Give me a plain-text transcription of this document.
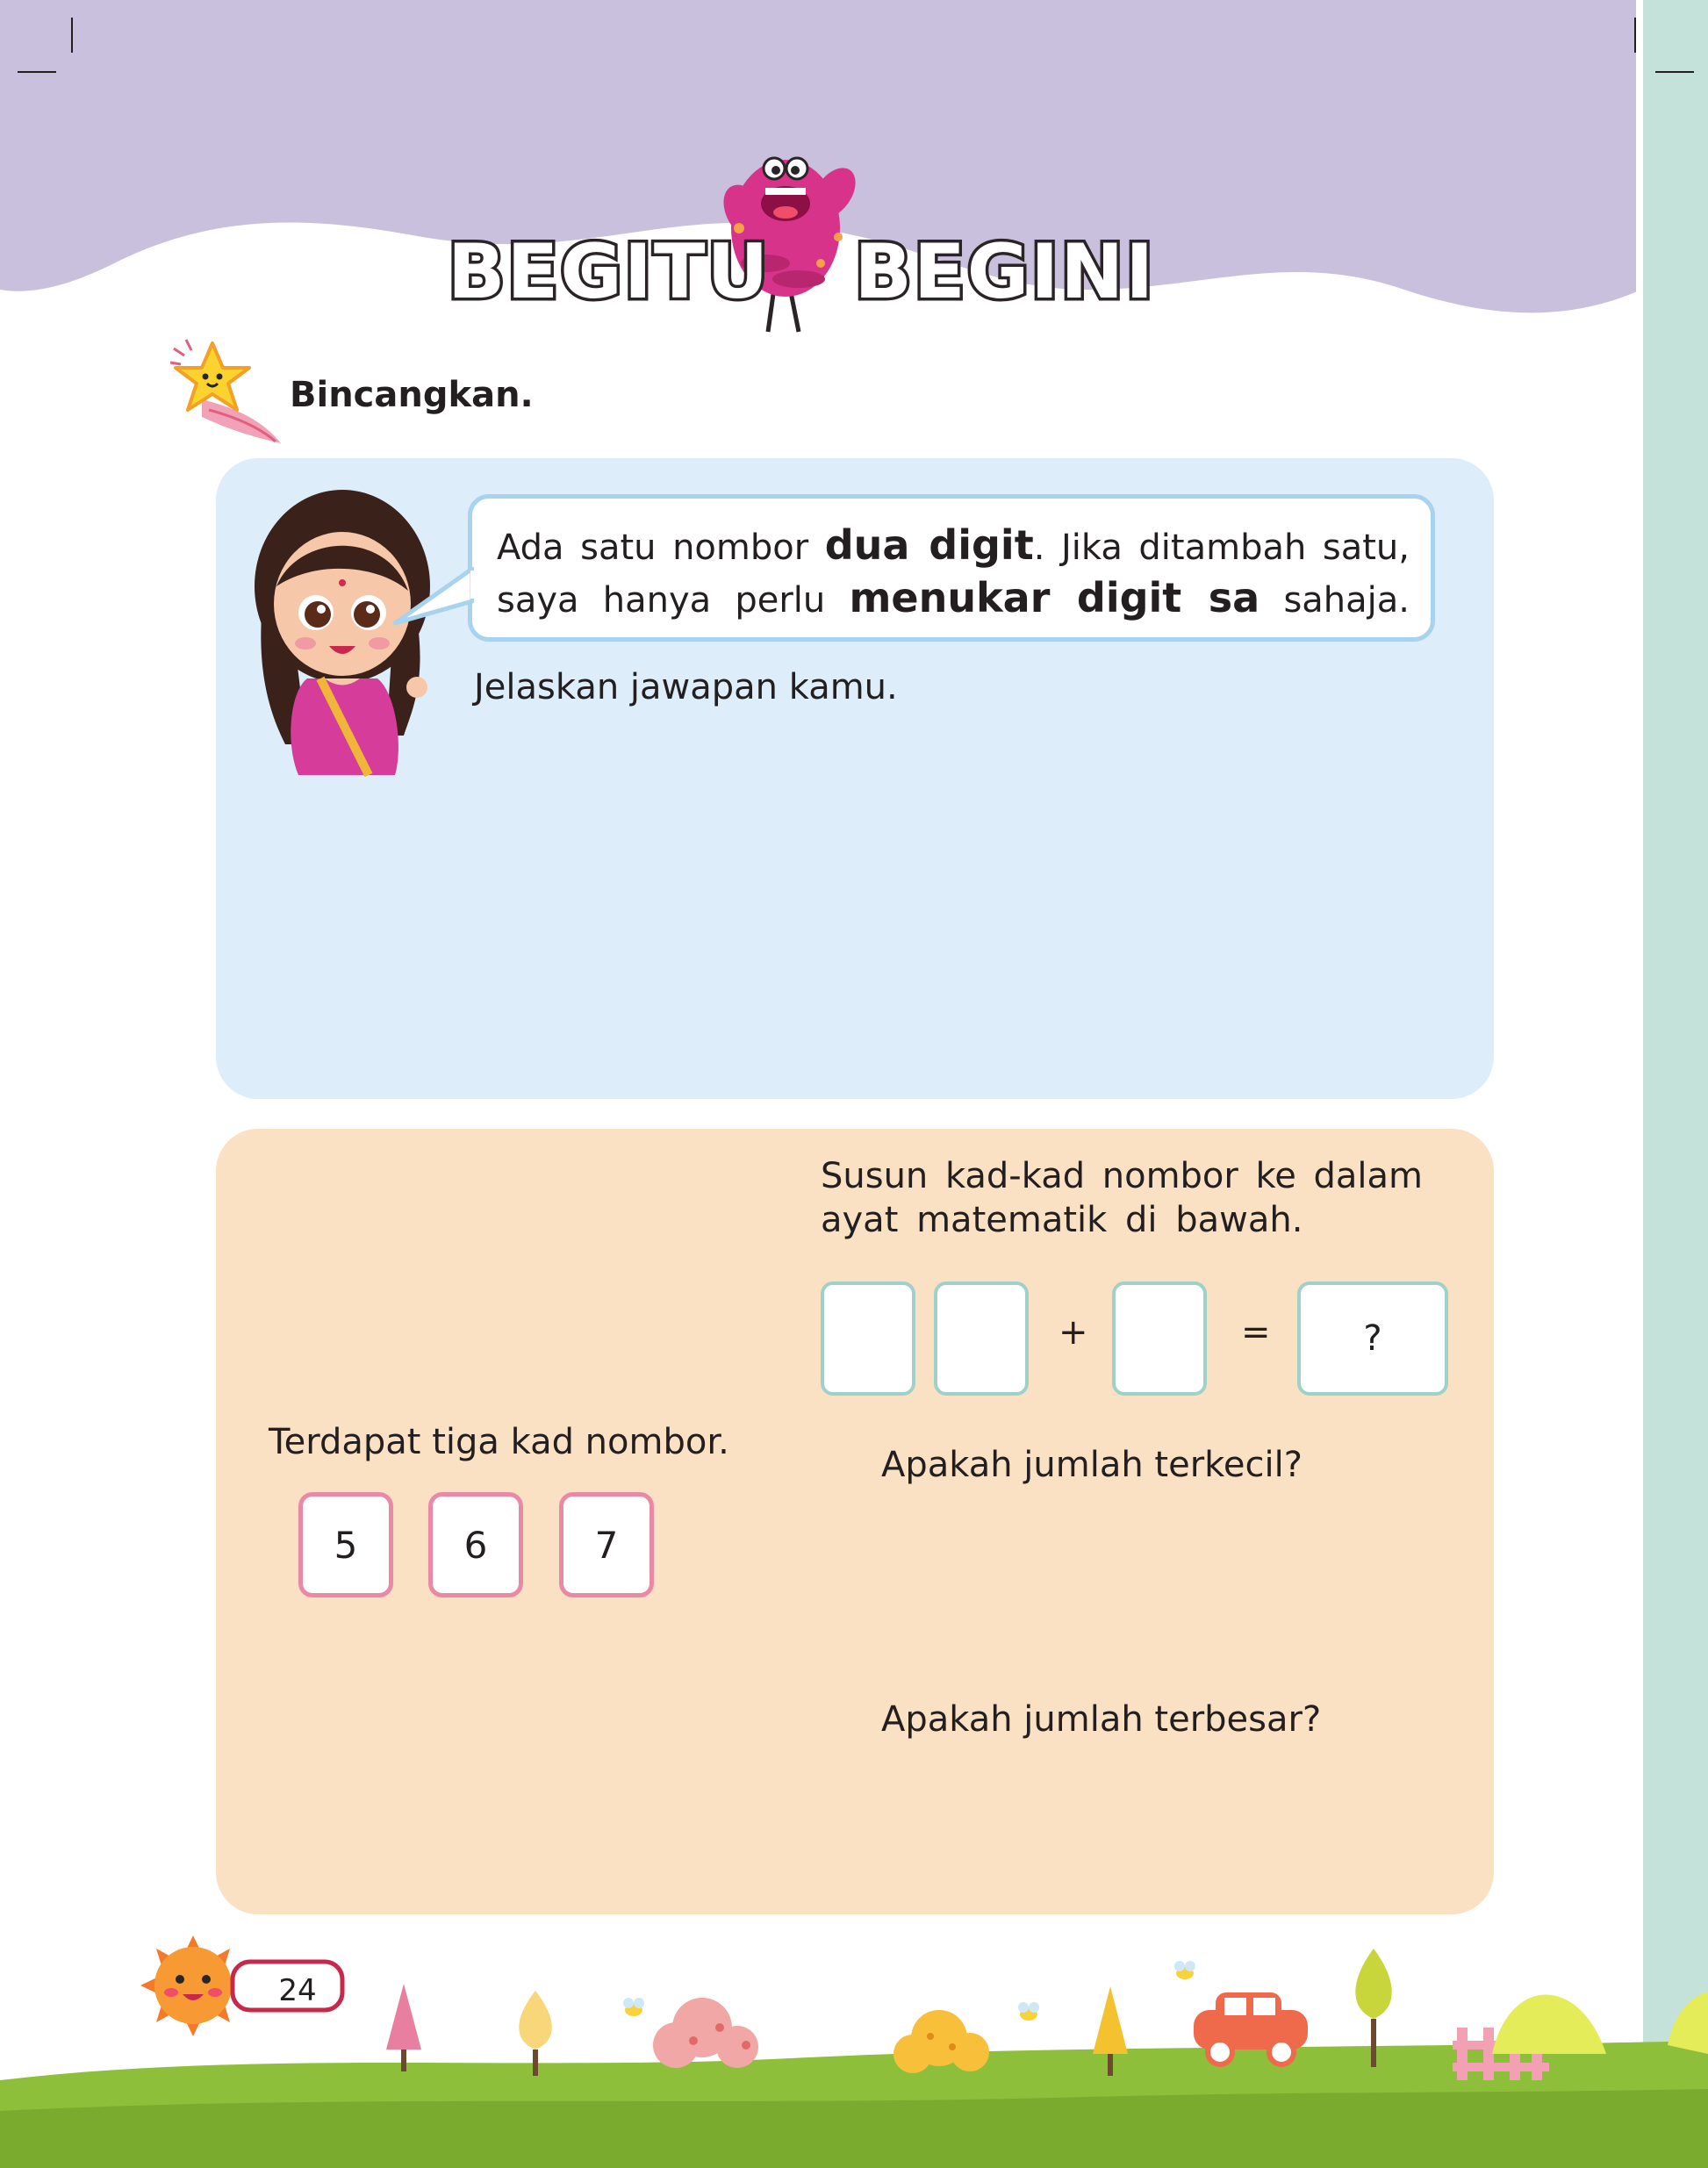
BEGITU BEGINI
Bincangkan.

Ada satu nombor dua digit. Jika ditambah satu,

saya hanya perlu menukar digit sa sahaja.

Jelaskan jawapan kamu.
Susun kad-kad nombor ke dalam
ayat matematik di bawah.
+	=	?
Terdapat tiga kad nombor.
5	6	7
Apakah jumlah terkecil?
Apakah jumlah terbesar?
24
